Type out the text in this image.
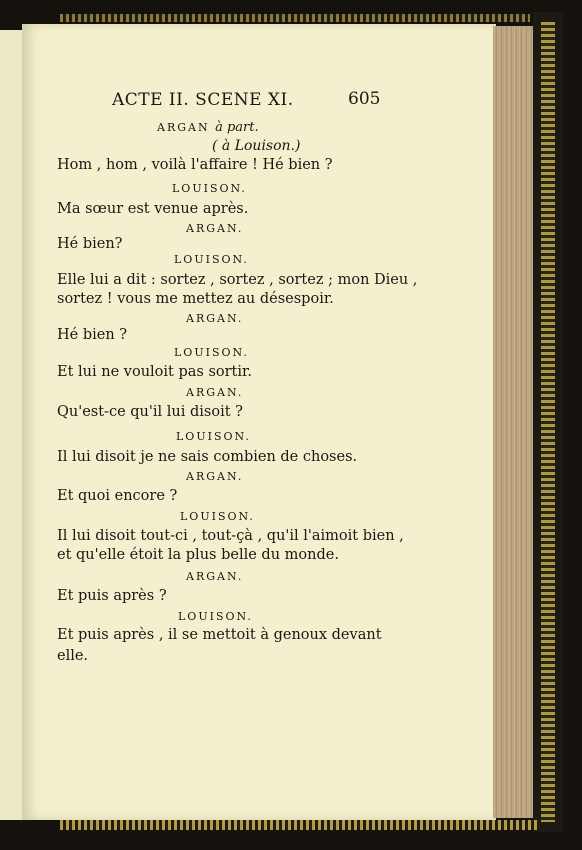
ACTE II. SCENE XI.	605
ARGAN à part.
( à Louison.)
Hom , hom , voilà l'affaire ! Hé bien ?
LOUISON.
Ma sœur est venue après.
ARGAN.
Hé bien?
LOUISON.
Elle lui a dit : sortez , sortez , sortez ; mon Dieu ,
sortez ! vous me mettez au désespoir.
ARGAN.
Hé bien ?
LOUISON.
Et lui ne vouloit pas sortir.
ARGAN.
Qu'est-ce qu'il lui disoit ?
LOUISON.
Il lui disoit je ne sais combien de choses.
ARGAN.
Et quoi encore ?
LOUISON.
Il lui disoit tout-ci , tout-çà , qu'il l'aimoit bien ,
et qu'elle étoit la plus belle du monde.
ARGAN.
Et puis après ?
LOUISON.
Et puis après , il se mettoit à genoux devant
elle.
